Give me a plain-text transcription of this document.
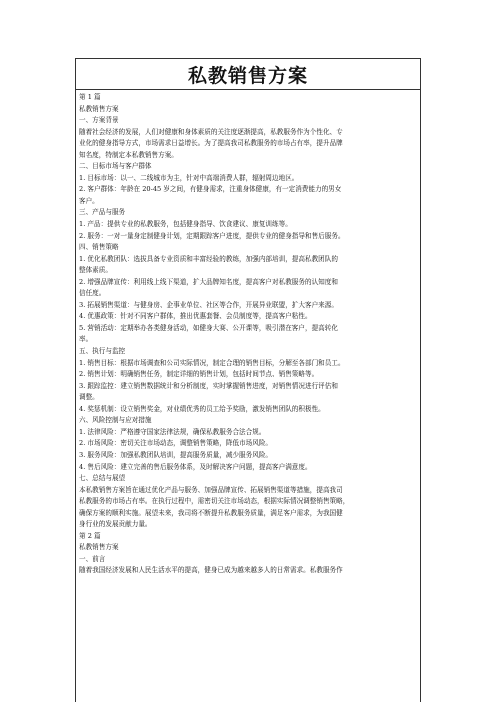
私教销售方案
第 1 篇
私教销售方案
一、方案背景
随着社会经济的发展，人们对健康和身体素质的关注度逐渐提高，私教服务作为个性化、专
业化的健身指导方式，市场需求日益增长。为了提高我司私教服务的市场占有率，提升品牌
知名度，特制定本私教销售方案。
二、目标市场与客户群体
1. 目标市场：以一、二线城市为主，针对中高端消费人群，辐射周边地区。
2. 客户群体：年龄在 20-45 岁之间，有健身需求，注重身体健康，有一定消费能力的男女
客户。
三、产品与服务
1. 产品：提供专业的私教服务，包括健身指导、饮食建议、康复训练等。
2. 服务：一对一量身定制健身计划，定期跟踪客户进度，提供专业的健身指导和售后服务。
四、销售策略
1. 优化私教团队：选拔具备专业资质和丰富经验的教练，加强内部培训，提高私教团队的
整体素质。
2. 增强品牌宣传：利用线上线下渠道，扩大品牌知名度，提高客户对私教服务的认知度和
信任度。
3. 拓展销售渠道：与健身房、企事业单位、社区等合作，开展异业联盟，扩大客户来源。
4. 优惠政策：针对不同客户群体，推出优惠套餐、会员制度等，提高客户粘性。
5. 营销活动：定期举办各类健身活动，如健身大赛、公开课等，吸引潜在客户，提高转化
率。
五、执行与监控
1. 销售目标：根据市场调查和公司实际情况，制定合理的销售目标，分解至各部门和员工。
2. 销售计划：明确销售任务，制定详细的销售计划，包括时间节点、销售策略等。
3. 跟踪监控：建立销售数据统计和分析制度，实时掌握销售进度，对销售情况进行评估和
调整。
4. 奖惩机制：设立销售奖金，对业绩优秀的员工给予奖励，激发销售团队的积极性。
六、风险控制与应对措施
1. 法律风险：严格遵守国家法律法规，确保私教服务合法合规。
2. 市场风险：密切关注市场动态，调整销售策略，降低市场风险。
3. 服务风险：加强私教团队培训，提高服务质量，减少服务风险。
4. 售后风险：建立完善的售后服务体系，及时解决客户问题，提高客户满意度。
七、总结与展望
本私教销售方案旨在通过优化产品与服务、加强品牌宣传、拓展销售渠道等措施，提高我司
私教服务的市场占有率。在执行过程中，需密切关注市场动态，根据实际情况调整销售策略，
确保方案的顺利实施。展望未来，我司将不断提升私教服务质量，满足客户需求，为我国健
身行业的发展贡献力量。
第 2 篇
私教销售方案
一、前言
随着我国经济发展和人民生活水平的提高，健身已成为越来越多人的日常需求。私教服务作
